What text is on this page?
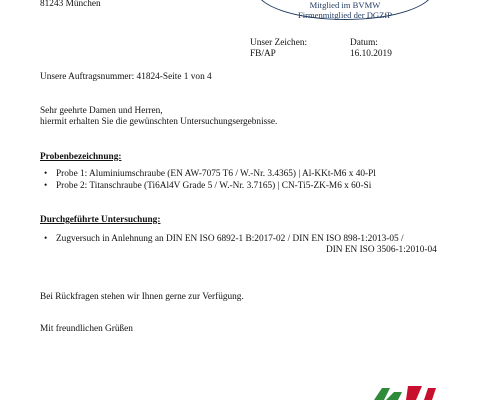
81243 München	Mitglied im BVMW
Firmenmitglied der DGZfP
Unser Zeichen:	Datum:
FB/AP	16.10.2019
Unsere Auftragsnummer: 41824-Seite 1 von 4
Sehr geehrte Damen und Herren,
hiermit erhalten Sie die gewünschten Untersuchungsergebnisse.
Probenbezeichnung:
• Probe 1: Aluminiumschraube (EN AW-7075 T6 / W.-Nr. 3.4365) | Al-KKt-M6 x 40-Pl
• Probe 2: Titanschraube (Ti6Al4V Grade 5 / W.-Nr. 3.7165) | CN-Ti5-ZK-M6 x 60-Si
Durchgeführte Untersuchung:
• Zugversuch in Anlehnung an DIN EN ISO 6892-1 B:2017-02 / DIN EN ISO 898-1:2013-05 /
DIN EN ISO 3506-1:2010-04
Bei Rückfragen stehen wir Ihnen gerne zur Verfügung.
Mit freundlichen Grüßen
